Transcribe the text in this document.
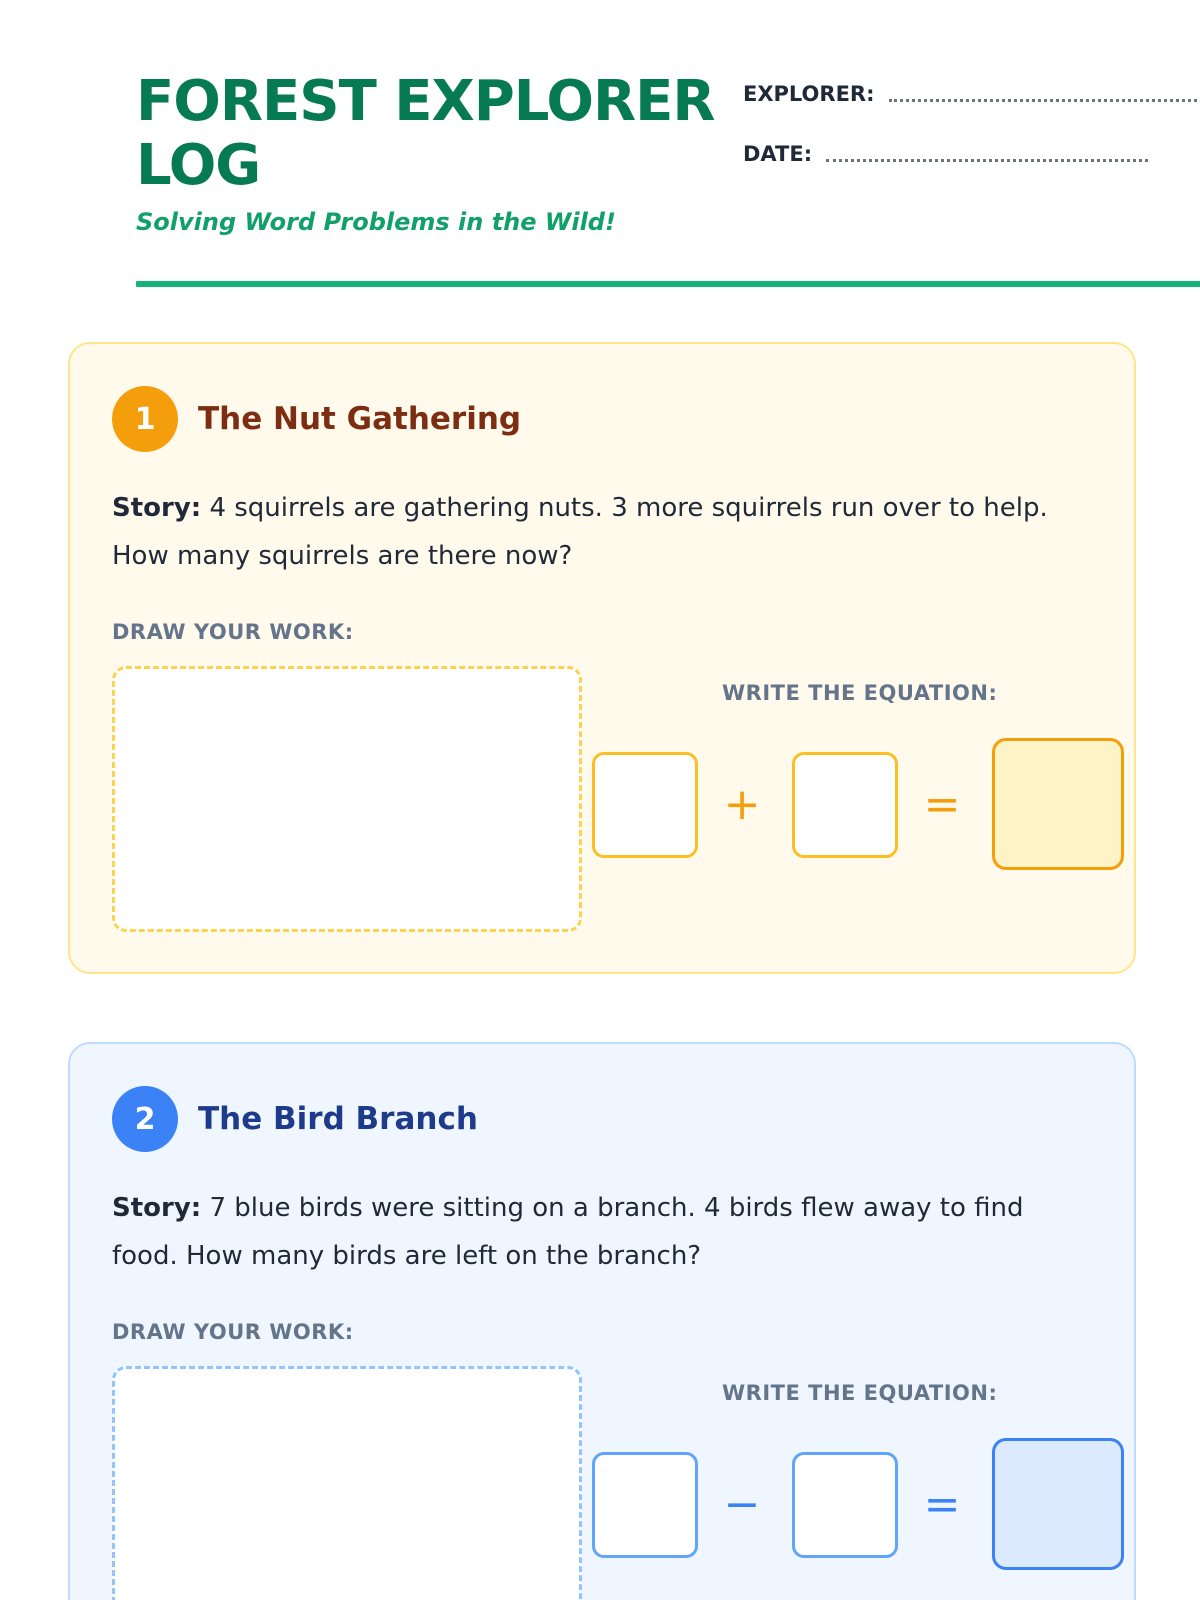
FOREST EXPLORER LOG
Solving Word Problems in the Wild!
EXPLORER:
DATE:
1	The Nut Gathering

Story: 4 squirrels are gathering nuts. 3 more squirrels run over to help. How many squirrels are there now?

DRAW YOUR WORK:
WRITE THE EQUATION:
+	=
2	The Bird Branch

Story: 7 blue birds were sitting on a branch. 4 birds flew away to find food. How many birds are left on the branch?

DRAW YOUR WORK:
WRITE THE EQUATION:
−	=
